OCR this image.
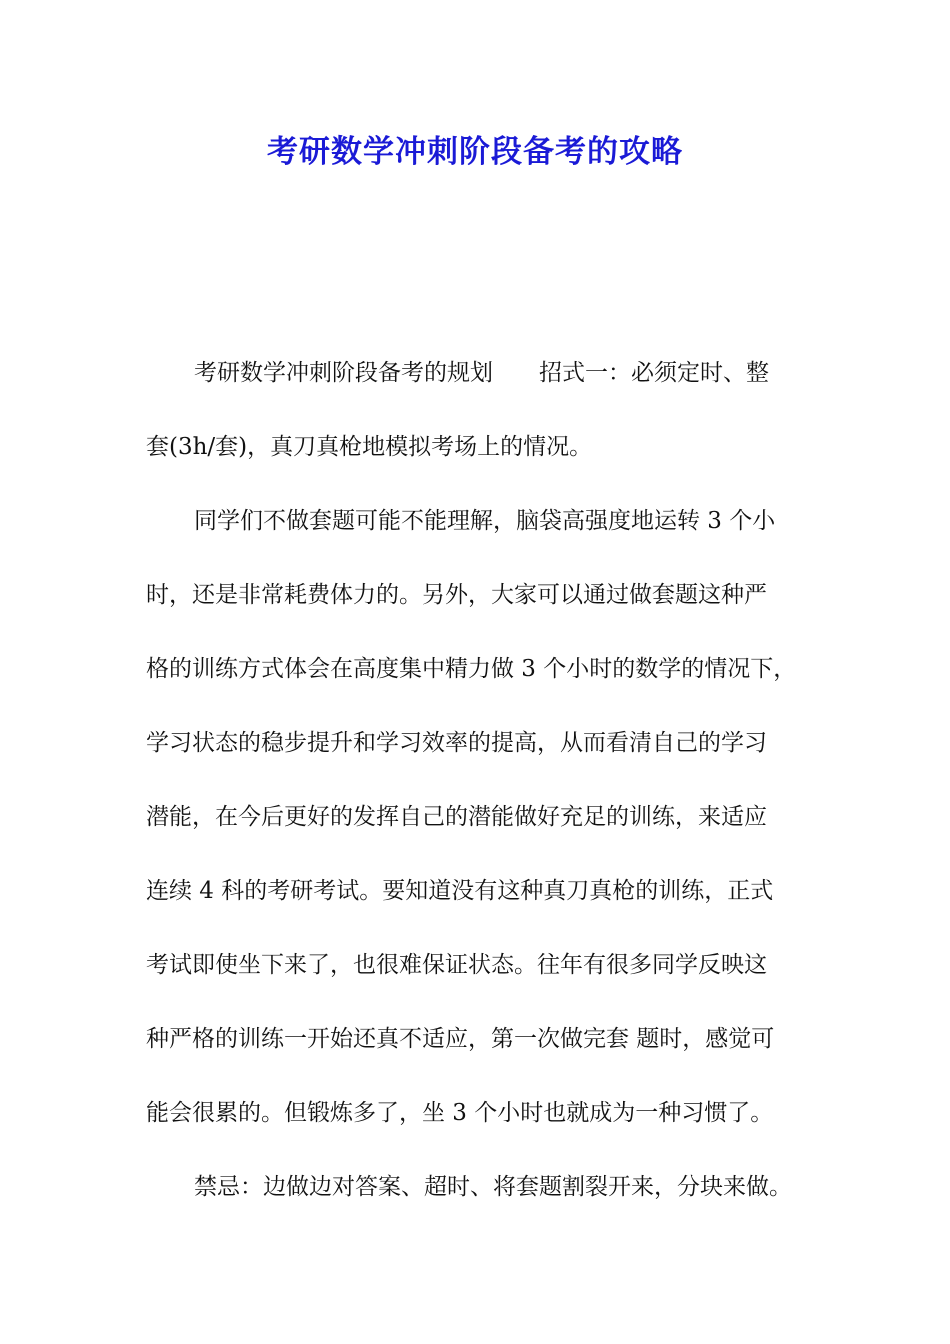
考研数学冲刺阶段备考的攻略
考研数学冲刺阶段备考的规划 招式一：必须定时、整
套(3h/套)，真刀真枪地模拟考场上的情况。
同学们不做套题可能不能理解，脑袋高强度地运转 3 个小
时，还是非常耗费体力的。另外，大家可以通过做套题这种严
格的训练方式体会在高度集中精力做 3 个小时的数学的情况下，
学习状态的稳步提升和学习效率的提高，从而看清自己的学习
潜能，在今后更好的发挥自己的潜能做好充足的训练，来适应
连续 4 科的考研考试。要知道没有这种真刀真枪的训练，正式
考试即使坐下来了，也很难保证状态。往年有很多同学反映这
种严格的训练一开始还真不适应，第一次做完套 题时，感觉可
能会很累的。但锻炼多了，坐 3 个小时也就成为一种习惯了。
禁忌：边做边对答案、超时、将套题割裂开来，分块来做。
